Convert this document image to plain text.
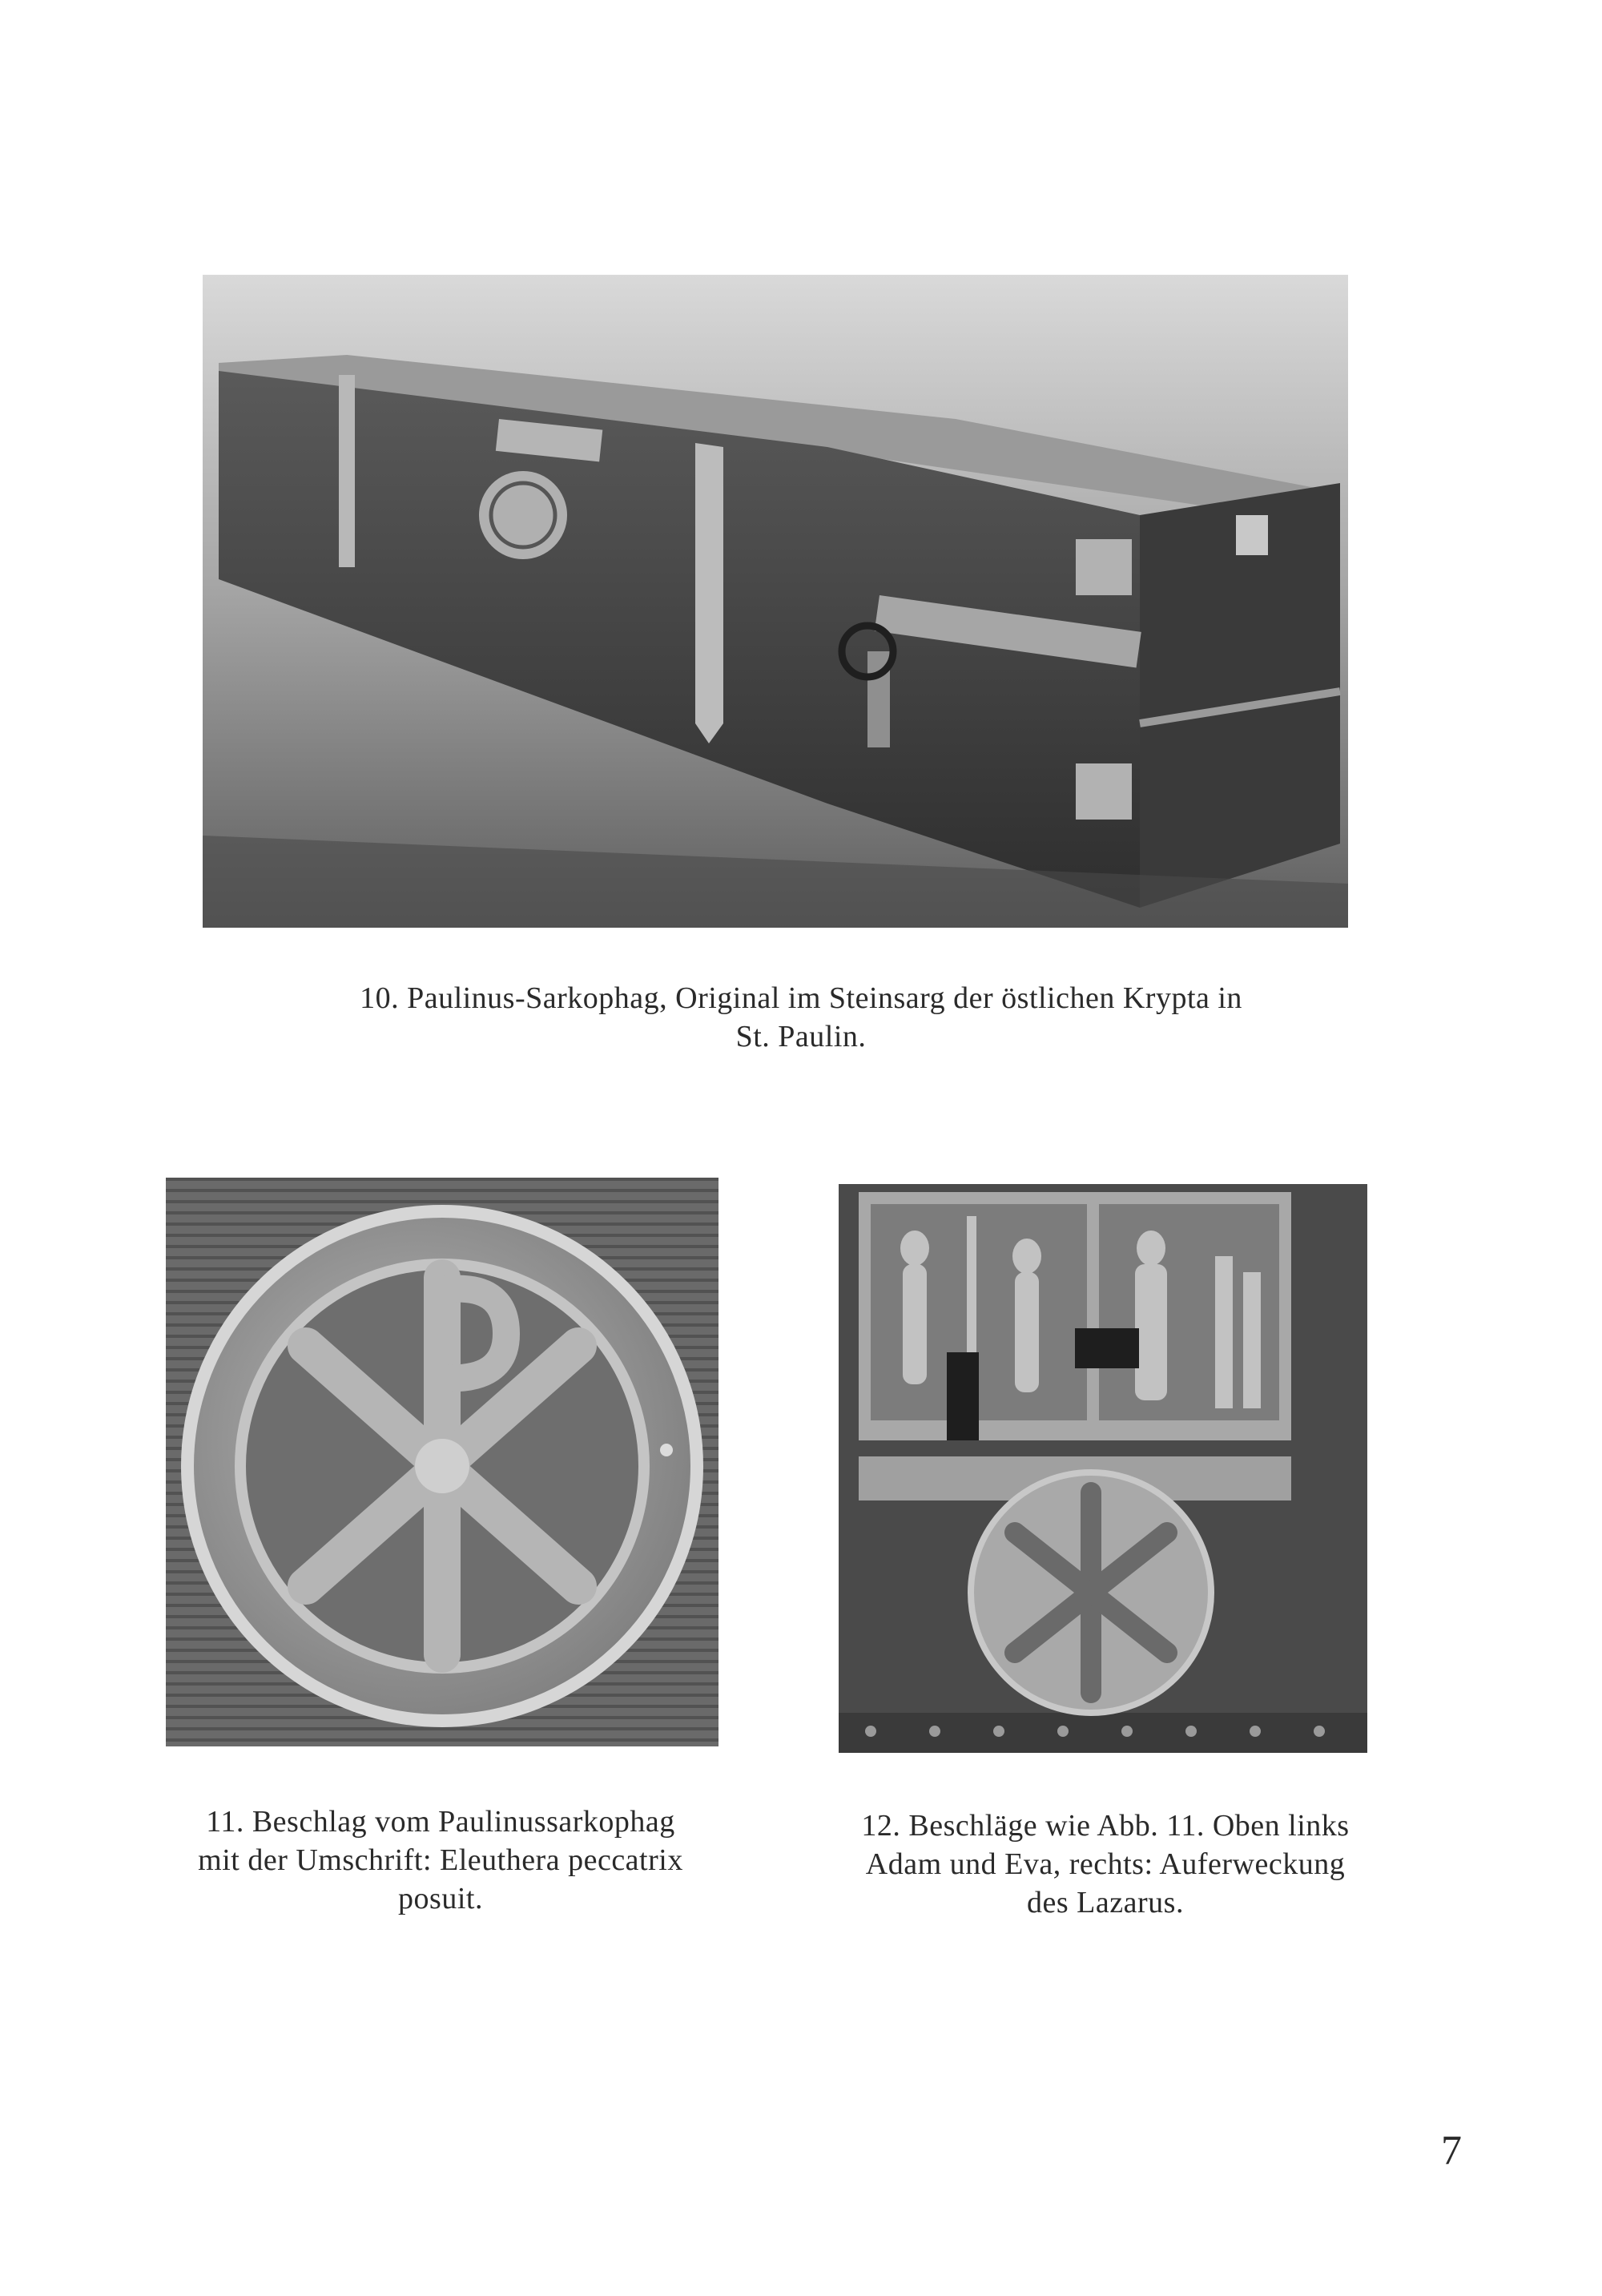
10. Paulinus-Sarkophag, Original im Steinsarg der östlichen Krypta in
St. Paulin.
11. Beschlag vom Paulinussarkophag
mit der Umschrift: Eleuthera peccatrix
posuit.
12. Beschläge wie Abb. 11. Oben links
Adam und Eva, rechts: Auferweckung
des Lazarus.
7
